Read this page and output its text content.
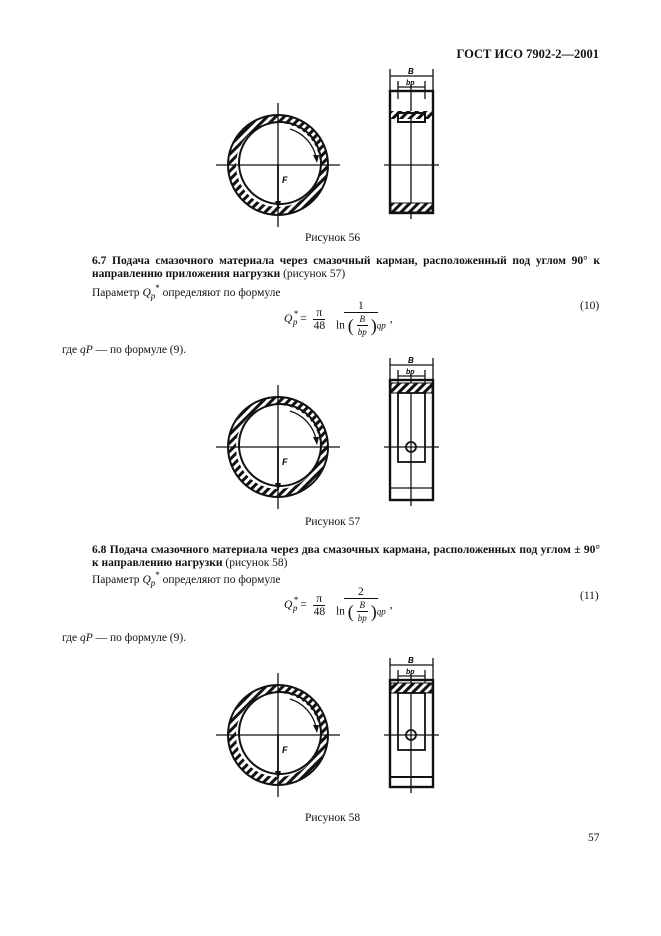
ГОСТ ИСО 7902-2—2001
F
B
bp
F
B
bp
F
B
bp
Рисунок 56
Рисунок 57
Рисунок 58
6.7 Подача смазочного материала через смазочный карман, расположенный под углом 90° к направлению приложения нагрузки (рисунок 57)
Параметр $Q_p^*$ определяют по формуле
$Q^*_p = \frac{\pi}{48}$
$\frac{1}{\ln ( \frac{B}{bp} )qp}$ ,
(10)
где qP — по формуле (9).
6.8 Подача смазочного материала через два смазочных кармана, расположенных под углом ± 90° к направлению нагрузки (рисунок 58)
Параметр $Q_p^*$ определяют по формуле
$Q^*_p = \frac{\pi}{48}$
$\frac{2}{\ln ( \frac{B}{bp} )qp}$ ,
(11)
где qP — по формуле (9).
57
